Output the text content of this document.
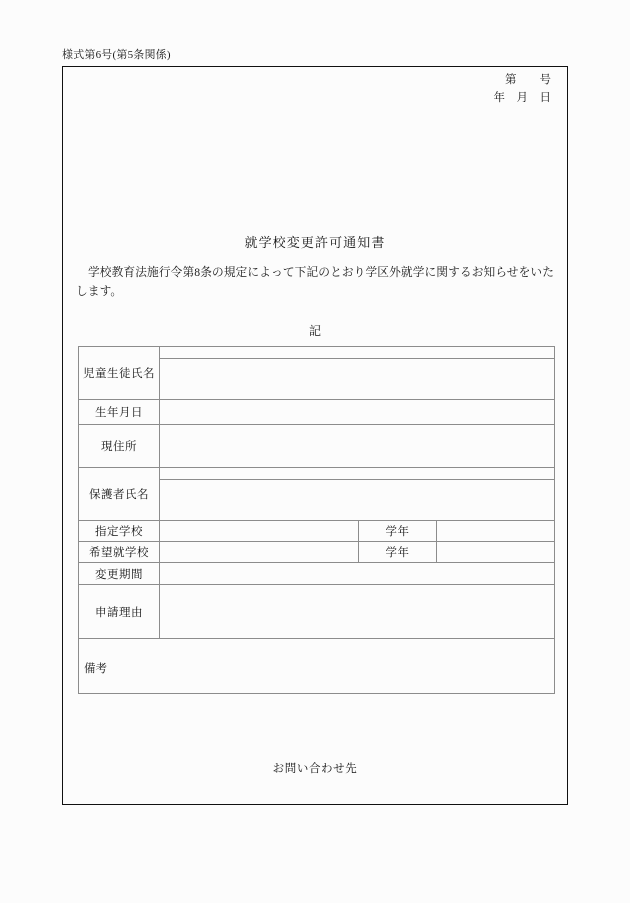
様式第6号(第5条関係)
第　　号
年　月　日
就学校変更許可通知書
学校教育法施行令第8条の規定によって下記のとおり学区外就学に関するお知らせをいたします。
記
児童生徒氏名			

生年月日			
現住所			
保護者氏名			

指定学校		学年	
希望就学校		学年	
変更期間			
申請理由			

備考			
お問い合わせ先
